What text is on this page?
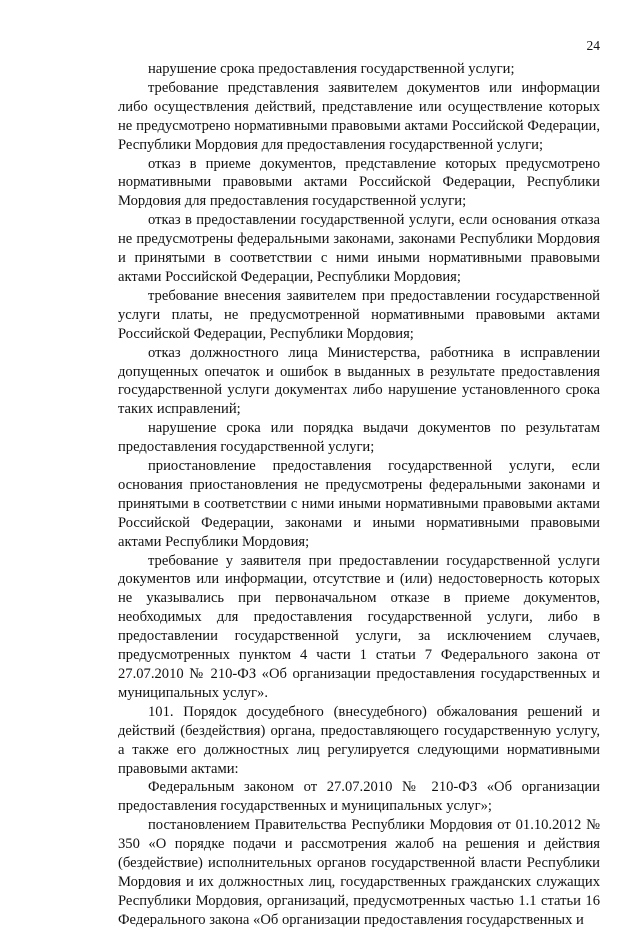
24

нарушение срока предоставления государственной услуги;

требование представления заявителем документов или информации либо осуществления действий, представление или осуществление которых не предусмотрено нормативными правовыми актами Российской Федерации, Республики Мордовия для предоставления государственной услуги;

отказ в приеме документов, представление которых предусмотрено нормативными правовыми актами Российской Федерации, Республики Мордовия для предоставления государственной услуги;

отказ в предоставлении государственной услуги, если основания отказа не предусмотрены федеральными законами, законами Республики Мордовия и принятыми в соответствии с ними иными нормативными правовыми актами Российской Федерации, Республики Мордовия;

требование внесения заявителем при предоставлении государственной услуги платы, не предусмотренной нормативными правовыми актами Российской Федерации, Республики Мордовия;

отказ должностного лица Министерства, работника в исправлении допущенных опечаток и ошибок в выданных в результате предоставления государственной услуги документах либо нарушение установленного срока таких исправлений;

нарушение срока или порядка выдачи документов по результатам предоставления государственной услуги;

приостановление предоставления государственной услуги, если основания приостановления не предусмотрены федеральными законами и принятыми в соответствии с ними иными нормативными правовыми актами Российской Федерации, законами и иными нормативными правовыми актами Республики Мордовия;

требование у заявителя при предоставлении государственной услуги документов или информации, отсутствие и (или) недостоверность которых не указывались при первоначальном отказе в приеме документов, необходимых для предоставления государственной услуги, либо в предоставлении государственной услуги, за исключением случаев, предусмотренных пунктом 4 части 1 статьи 7 Федерального закона от 27.07.2010 № 210-ФЗ «Об организации предоставления государственных и муниципальных услуг».

101. Порядок досудебного (внесудебного) обжалования решений и действий (бездействия) органа, предоставляющего государственную услугу, а также его должностных лиц регулируется следующими нормативными правовыми актами:

Федеральным законом от 27.07.2010 № 210-ФЗ «Об организации предоставления государственных и муниципальных услуг»;

постановлением Правительства Республики Мордовия от 01.10.2012 № 350 «О порядке подачи и рассмотрения жалоб на решения и действия (бездействие) исполнительных органов государственной власти Республики Мордовия и их должностных лиц, государственных гражданских служащих Республики Мордовия, организаций, предусмотренных частью 1.1 статьи 16 Федерального закона «Об организации предоставления государственных и
